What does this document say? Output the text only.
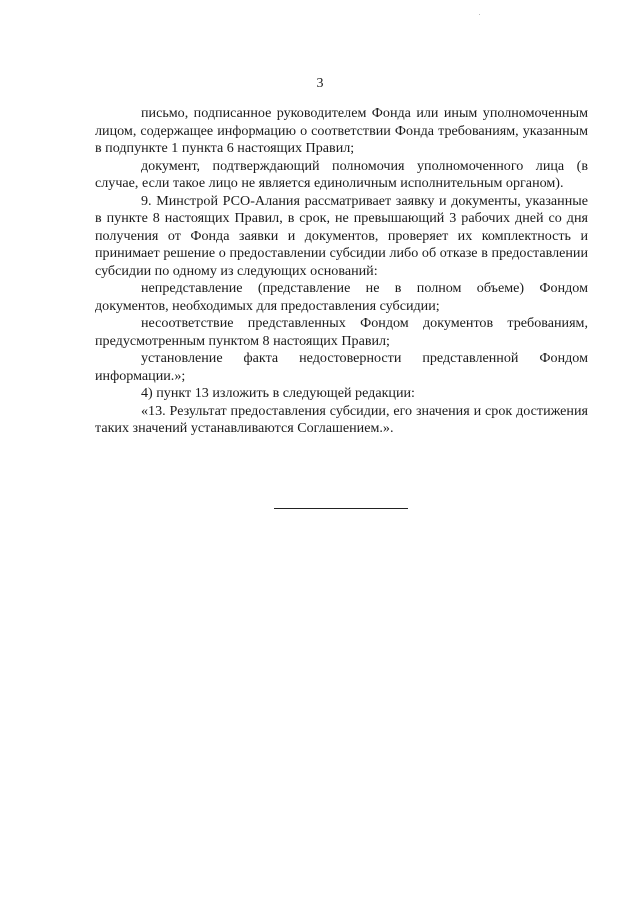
3

письмо, подписанное руководителем Фонда или иным уполномоченным лицом, содержащее информацию о соответствии Фонда требованиям, указанным в подпункте 1 пункта 6 настоящих Правил;

документ, подтверждающий полномочия уполномоченного лица (в случае, если такое лицо не является единоличным исполнительным органом).

9. Минстрой РСО-Алания рассматривает заявку и документы, указанные в пункте 8 настоящих Правил, в срок, не превышающий 3 рабочих дней со дня получения от Фонда заявки и документов, проверяет их комплектность и принимает решение о предоставлении субсидии либо об отказе в предоставлении субсидии по одному из следующих оснований:

непредставление (представление не в полном объеме) Фондом документов, необходимых для предоставления субсидии;

несоответствие представленных Фондом документов требованиям, предусмотренным пунктом 8 настоящих Правил;

установление факта недостоверности представленной Фондом информации.»;

4) пункт 13 изложить в следующей редакции:

«13. Результат предоставления субсидии, его значения и срок достижения таких значений устанавливаются Соглашением.».
